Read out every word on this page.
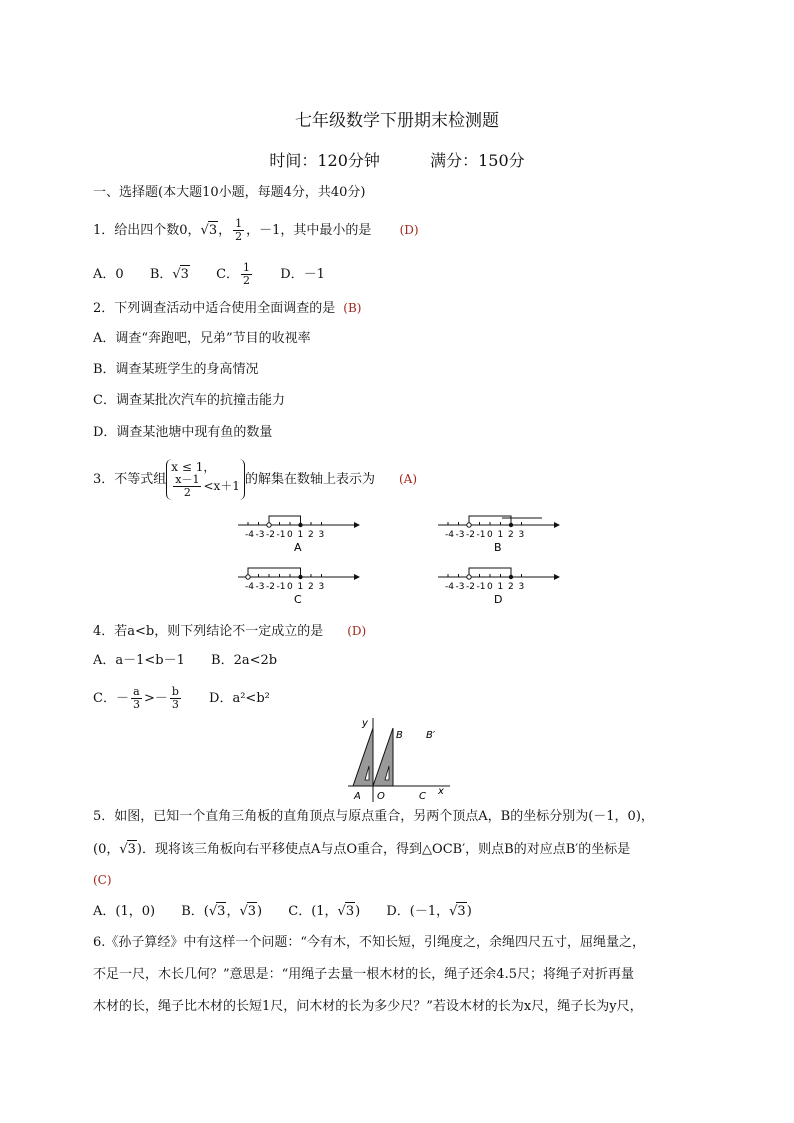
七年级数学下册期末检测题
时间：120分钟	满分：150分
一、选择题(本大题10小题，每题4分，共40分)
1．给出四个数0，√3， $\frac{1}{2}$ ，－1，其中最小的是 (D)
A．0 B．√3 C． $\frac{1}{2}$ D．－1
2．下列调查活动中适合使用全面调查的是 (B)
A．调查“奔跑吧，兄弟”节目的收视率
B．调查某班学生的身高情况
C．调查某批次汽车的抗撞击能力
D．调查某池塘中现有鱼的数量
3．不等式组
x ≤ 1，
$\frac{x-1}{2} <x+1$ 的解集在数轴上表示为 (A)
-4 -3 -2 -1 0 1 2 3
A
-4 -3 -2 -1 0 1 2 3
B
-4 -3 -2 -1 0 1 2 3
C
-4 -3 -2 -1 0 1 2 3
D
4．若a<b，则下列结论不一定成立的是 (D)
A．a－1<b－1 B．2a<2b
C．－ $\frac{a}{3} >- \frac{b}{3}$ D．a²<b²
y
x
A O	C
B B′
5．如图，已知一个直角三角板的直角顶点与原点重合，另两个顶点A，B的坐标分别为(－1，0)，
(0，√3)．现将该三角板向右平移使点A与点O重合，得到△OCB′，则点B的对应点B′的坐标是
(C)
A．(1，0) B．(√3，√3) C．(1，√3) D．(－1，√3)
6.《孙子算经》中有这样一个问题：“今有木，不知长短，引绳度之，余绳四尺五寸，屈绳量之，
不足一尺，木长几何？”意思是：“用绳子去量一根木材的长，绳子还余4.5尺；将绳子对折再量
木材的长，绳子比木材的长短1尺，问木材的长为多少尺？”若设木材的长为x尺，绳子长为y尺，
